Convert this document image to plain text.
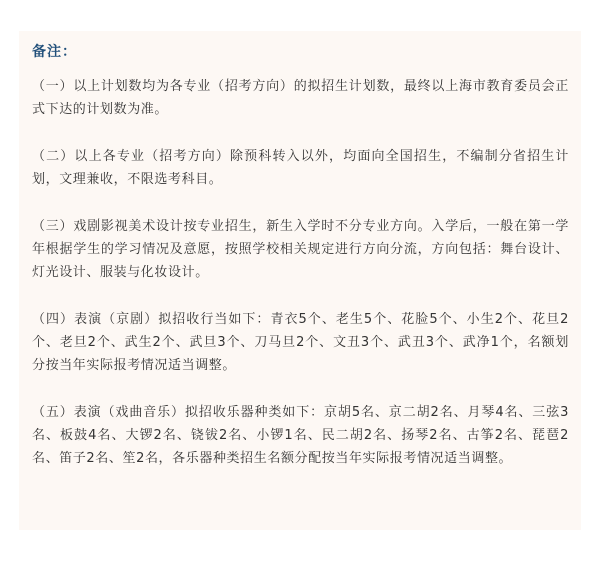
备注：

（一）以上计划数均为各专业（招考方向）的拟招生计划数，最终以上海市教育委员会正式下达的计划数为准。

（二）以上各专业（招考方向）除预科转入以外，均面向全国招生，不编制分省招生计划，文理兼收，不限选考科目。

（三）戏剧影视美术设计按专业招生，新生入学时不分专业方向。入学后，一般在第一学年根据学生的学习情况及意愿，按照学校相关规定进行方向分流，方向包括：舞台设计、灯光设计、服装与化妆设计。

（四）表演（京剧）拟招收行当如下：青衣5个、老生5个、花脸5个、小生2个、花旦2个、老旦2个、武生2个、武旦3个、刀马旦2个、文丑3个、武丑3个、武净1个，名额划分按当年实际报考情况适当调整。

（五）表演（戏曲音乐）拟招收乐器种类如下：京胡5名、京二胡2名、月琴4名、三弦3名、板鼓4名、大锣2名、铙钹2名、小锣1名、民二胡2名、扬琴2名、古筝2名、琵琶2名、笛子2名、笙2名，各乐器种类招生名额分配按当年实际报考情况适当调整。
